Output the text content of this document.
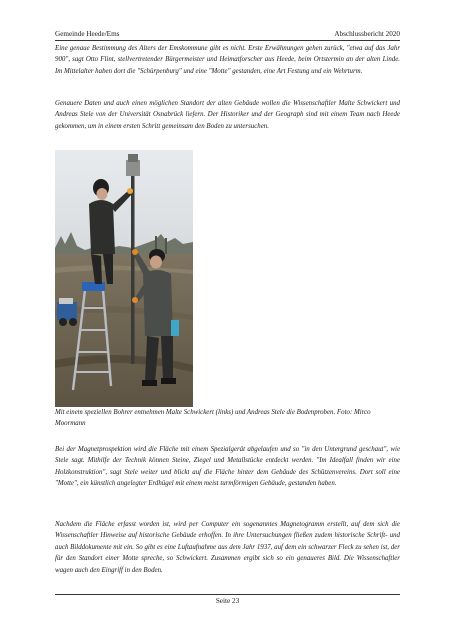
Gemeinde Heede/Ems	Abschlussbericht 2020

Eine genaue Bestimmung des Alters der Emskommune gibt es nicht. Erste Erwähnungen gehen zurück, "etwa auf das Jahr 900", sagt Otto Flint, stellvertretender Bürgermeister und Heimatforscher aus Heede, beim Ortstermin an der alten Linde. Im Mittelalter haben dort die "Schürpenburg" und eine "Motte" gestanden, eine Art Festung und ein Wehrturm.

Genauere Daten und auch einen möglichen Standort der alten Gebäude wollen die Wissenschaftler Malte Schwickert und Andreas Stele von der Universität Osnabrück liefern. Der Historiker und der Geograph sind mit einem Team nach Heede gekommen, um in einem ersten Schritt gemeinsam den Boden zu untersuchen.

Mit einem speziellen Bohrer entnehmen Malte Schwickert (links) und Andreas Stele die Bodenproben. Foto: Mirco Moormann

Bei der Magnetprospektion wird die Fläche mit einem Spezialgerät abgelaufen und so "in den Untergrund geschaut", wie Stele sagt. Mithilfe der Technik können Steine, Ziegel und Metallstücke entdeckt werden. "Im Idealfall finden wir eine Holzkonstruktion", sagt Stele weiter und blickt auf die Fläche hinter dem Gebäude des Schützenvereins. Dort soll eine "Motte", ein künstlich angelegter Erdhügel mit einem meist turmförmigen Gebäude, gestanden haben.

Nachdem die Fläche erfasst worden ist, wird per Computer ein sogenanntes Magnetogramm erstellt, auf dem sich die Wissenschaftler Hinweise auf historische Gebäude erhoffen. In ihre Untersuchungen fließen zudem historische Schrift- und auch Bilddokumente mit ein. So gibt es eine Luftaufnahme aus dem Jahr 1937, auf dem ein schwarzer Fleck zu sehen ist, der für den Standort einer Motte spreche, so Schwickert. Zusammen ergibt sich so ein genaueres Bild. Die Wissenschaftler wagen auch den Eingriff in den Boden.

Seite 23
